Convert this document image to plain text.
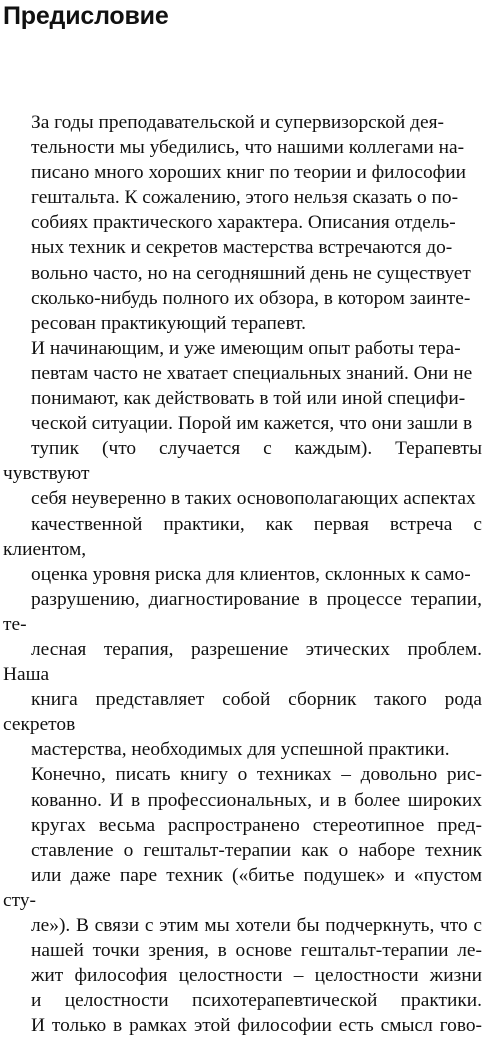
Предисловие

За годы преподавательской и супервизорской дея-
тельности мы убедились, что нашими коллегами на-
писано много хороших книг по теории и философии
гештальта. К сожалению, этого нельзя сказать о по-
собиях практического характера. Описания отдель-
ных техник и секретов мастерства встречаются до-
вольно часто, но на сегодняшний день не существует
сколько-нибудь полного их обзора, в котором заинте-
ресован практикующий терапевт.

И начинающим, и уже имеющим опыт работы тера-
певтам часто не хватает специальных знаний. Они не
понимают, как действовать в той или иной специфи-
ческой ситуации. Порой им кажется, что они зашли в
тупик (что случается с каждым). Терапевты чувствуют
себя неуверенно в таких основополагающих аспектах
качественной практики, как первая встреча с клиентом,
оценка уровня риска для клиентов, склонных к само-
разрушению, диагностирование в процессе терапии, те-
лесная терапия, разрешение этических проблем. Наша
книга представляет собой сборник такого рода секретов
мастерства, необходимых для успешной практики.

Конечно, писать книгу о техниках – довольно рис-
кованно. И в профессиональных, и в более широких
кругах весьма распространено стереотипное пред-
ставление о гештальт-терапии как о наборе техник
или даже паре техник («битье подушек» и «пустом сту-
ле»). В связи с этим мы хотели бы подчеркнуть, что с
нашей точки зрения, в основе гештальт-терапии ле-
жит философия целостности – целостности жизни
и целостности психотерапевтической практики.
И только в рамках этой философии есть смысл гово-
